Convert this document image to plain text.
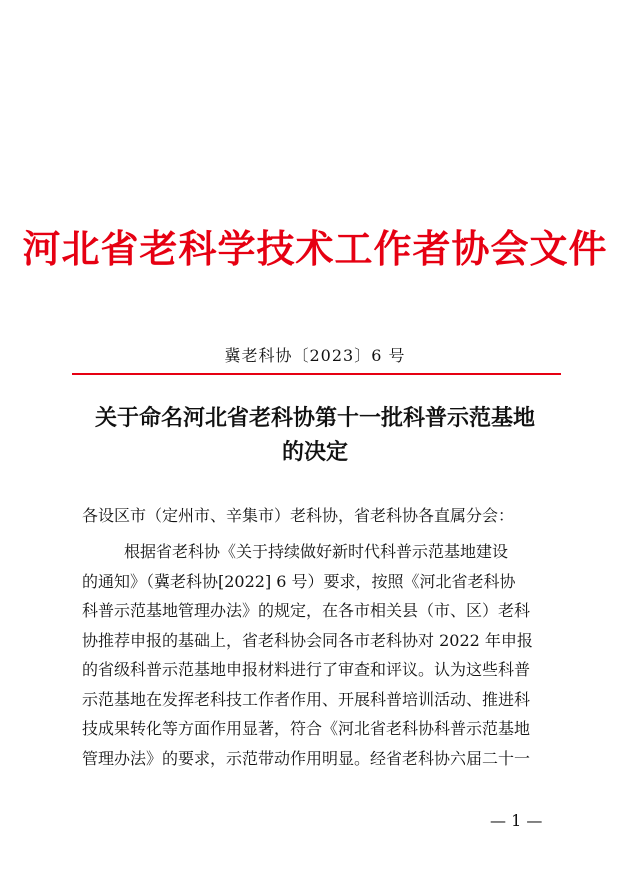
河北省老科学技术工作者协会文件
冀老科协〔2023〕6 号
关于命名河北省老科协第十一批科普示范基地
的决定
各设区市（定州市、辛集市）老科协，省老科协各直属分会：
根据省老科协《关于持续做好新时代科普示范基地建设
的通知》（冀老科协[2022] 6 号）要求，按照《河北省老科协
科普示范基地管理办法》的规定，在各市相关县（市、区）老科
协推荐申报的基础上，省老科协会同各市老科协对 2022 年申报
的省级科普示范基地申报材料进行了审查和评议。认为这些科普
示范基地在发挥老科技工作者作用、开展科普培训活动、推进科
技成果转化等方面作用显著，符合《河北省老科协科普示范基地
管理办法》的要求，示范带动作用明显。经省老科协六届二十一
— 1 —
